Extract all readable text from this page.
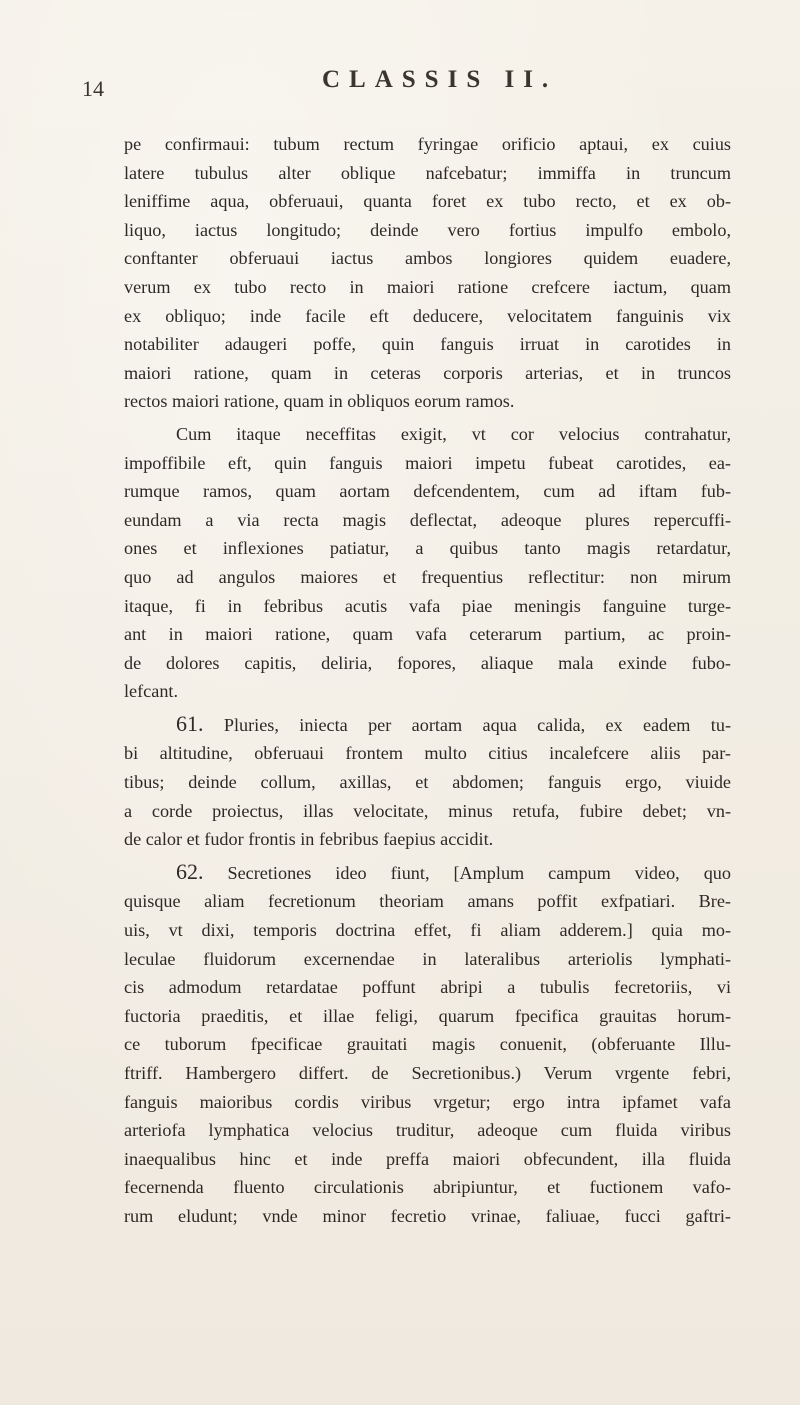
14	CLASSIS II.

pe confirmaui: tubum rectum fyringae orificio aptaui, ex cuius
latere tubulus alter oblique nafcebatur; immiffa in truncum
leniffime aqua, obferuaui, quanta foret ex tubo recto, et ex ob-
liquo, iactus longitudo; deinde vero fortius impulfo embolo,
conftanter obferuaui iactus ambos longiores quidem euadere,
verum ex tubo recto in maiori ratione crefcere iactum, quam
ex obliquo; inde facile eft deducere, velocitatem fanguinis vix
notabiliter adaugeri poffe, quin fanguis irruat in carotides in
maiori ratione, quam in ceteras corporis arterias, et in truncos
rectos maiori ratione, quam in obliquos eorum ramos.

Cum itaque neceffitas exigit, vt cor velocius contrahatur,
impoffibile eft, quin fanguis maiori impetu fubeat carotides, ea-
rumque ramos, quam aortam defcendentem, cum ad iftam fub-
eundam a via recta magis deflectat, adeoque plures repercuffi-
ones et inflexiones patiatur, a quibus tanto magis retardatur,
quo ad angulos maiores et frequentius reflectitur: non mirum
itaque, fi in febribus acutis vafa piae meningis fanguine turge-
ant in maiori ratione, quam vafa ceterarum partium, ac proin-
de dolores capitis, deliria, fopores, aliaque mala exinde fubo-
lefcant.

61. Pluries, iniecta per aortam aqua calida, ex eadem tu-
bi altitudine, obferuaui frontem multo citius incalefcere aliis par-
tibus; deinde collum, axillas, et abdomen; fanguis ergo, viuide
a corde proiectus, illas velocitate, minus retufa, fubire debet; vn-
de calor et fudor frontis in febribus faepius accidit.

62. Secretiones ideo fiunt, [Amplum campum video, quo
quisque aliam fecretionum theoriam amans poffit exfpatiari. Bre-
uis, vt dixi, temporis doctrina effet, fi aliam adderem.] quia mo-
leculae fluidorum excernendae in lateralibus arteriolis lymphati-
cis admodum retardatae poffunt abripi a tubulis fecretoriis, vi
fuctoria praeditis, et illae feligi, quarum fpecifica grauitas horum-
ce tuborum fpecificae grauitati magis conuenit, (obferuante Illu-
ftriff. Hambergero differt. de Secretionibus.) Verum vrgente febri,
fanguis maioribus cordis viribus vrgetur; ergo intra ipfamet vafa
arteriofa lymphatica velocius truditur, adeoque cum fluida viribus
inaequalibus hinc et inde preffa maiori obfecundent, illa fluida
fecernenda fluento circulationis abripiuntur, et fuctionem vafo-
rum eludunt; vnde minor fecretio vrinae, faliuae, fucci gaftri-
